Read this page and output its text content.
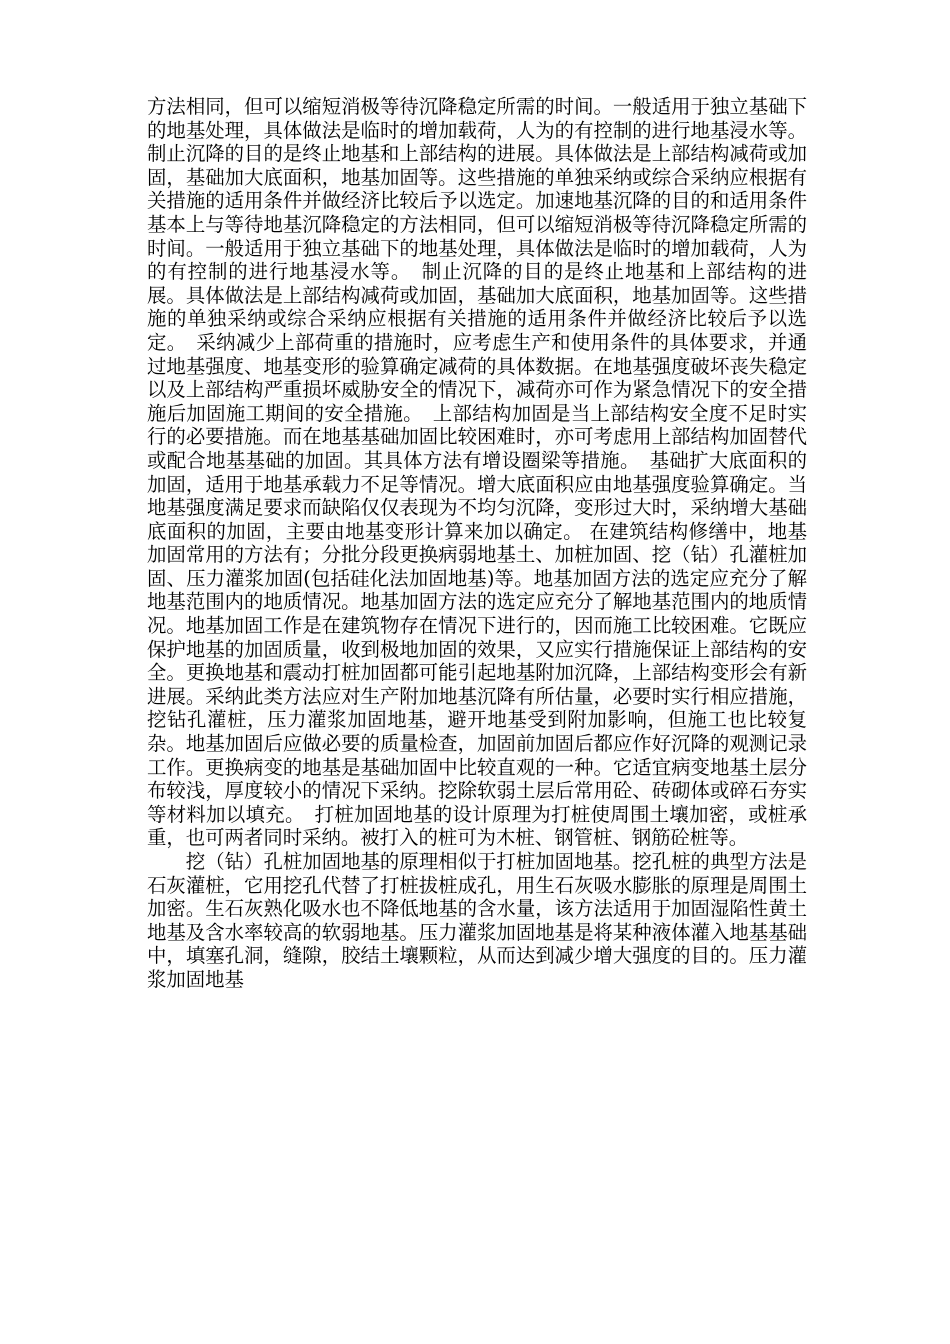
方法相同，但可以缩短消极等待沉降稳定所需的时间。一般适用于独立基础下的地基处理，具体做法是临时的增加载荷，人为的有控制的进行地基浸水等。制止沉降的目的是终止地基和上部结构的进展。具体做法是上部结构减荷或加固，基础加大底面积，地基加固等。这些措施的单独采纳或综合采纳应根据有关措施的适用条件并做经济比较后予以选定。加速地基沉降的目的和适用条件基本上与等待地基沉降稳定的方法相同，但可以缩短消极等待沉降稳定所需的时间。一般适用于独立基础下的地基处理，具体做法是临时的增加载荷，人为的有控制的进行地基浸水等。　制止沉降的目的是终止地基和上部结构的进展。具体做法是上部结构减荷或加固，基础加大底面积，地基加固等。这些措施的单独采纳或综合采纳应根据有关措施的适用条件并做经济比较后予以选定。　采纳减少上部荷重的措施时，应考虑生产和使用条件的具体要求，并通过地基强度、地基变形的验算确定减荷的具体数据。在地基强度破坏丧失稳定以及上部结构严重损坏威胁安全的情况下，减荷亦可作为紧急情况下的安全措施后加固施工期间的安全措施。　上部结构加固是当上部结构安全度不足时实行的必要措施。而在地基基础加固比较困难时，亦可考虑用上部结构加固替代或配合地基基础的加固。其具体方法有增设圈梁等措施。　基础扩大底面积的加固，适用于地基承载力不足等情况。增大底面积应由地基强度验算确定。当地基强度满足要求而缺陷仅仅表现为不均匀沉降，变形过大时，采纳增大基础底面积的加固，主要由地基变形计算来加以确定。 在建筑结构修缮中，地基加固常用的方法有；分批分段更换病弱地基土、加桩加固、挖（钻）孔灌桩加固、压力灌浆加固(包括硅化法加固地基)等。地基加固方法的选定应充分了解地基范围内的地质情况。地基加固方法的选定应充分了解地基范围内的地质情况。地基加固工作是在建筑物存在情况下进行的，因而施工比较困难。它既应保护地基的加固质量，收到极地加固的效果，又应实行措施保证上部结构的安全。更换地基和震动打桩加固都可能引起地基附加沉降，上部结构变形会有新进展。采纳此类方法应对生产附加地基沉降有所估量，必要时实行相应措施，挖钻孔灌桩，压力灌浆加固地基，避开地基受到附加影响，但施工也比较复杂。地基加固后应做必要的质量检查，加固前加固后都应作好沉降的观测记录工作。更换病变的地基是基础加固中比较直观的一种。它适宜病变地基土层分布较浅，厚度较小的情况下采纳。挖除软弱土层后常用砼、砖砌体或碎石夯实等材料加以填充。　打桩加固地基的设计原理为打桩使周围土壤加密，或桩承重，也可两者同时采纳。被打入的桩可为木桩、钢管桩、钢筋砼桩等。

挖（钻）孔桩加固地基的原理相似于打桩加固地基。挖孔桩的典型方法是石灰灌桩，它用挖孔代替了打桩拔桩成孔，用生石灰吸水膨胀的原理是周围土加密。生石灰熟化吸水也不降低地基的含水量，该方法适用于加固湿陷性黄土地基及含水率较高的软弱地基。压力灌浆加固地基是将某种液体灌入地基基础中，填塞孔洞，缝隙，胶结土壤颗粒，从而达到减少增大强度的目的。压力灌浆加固地基
